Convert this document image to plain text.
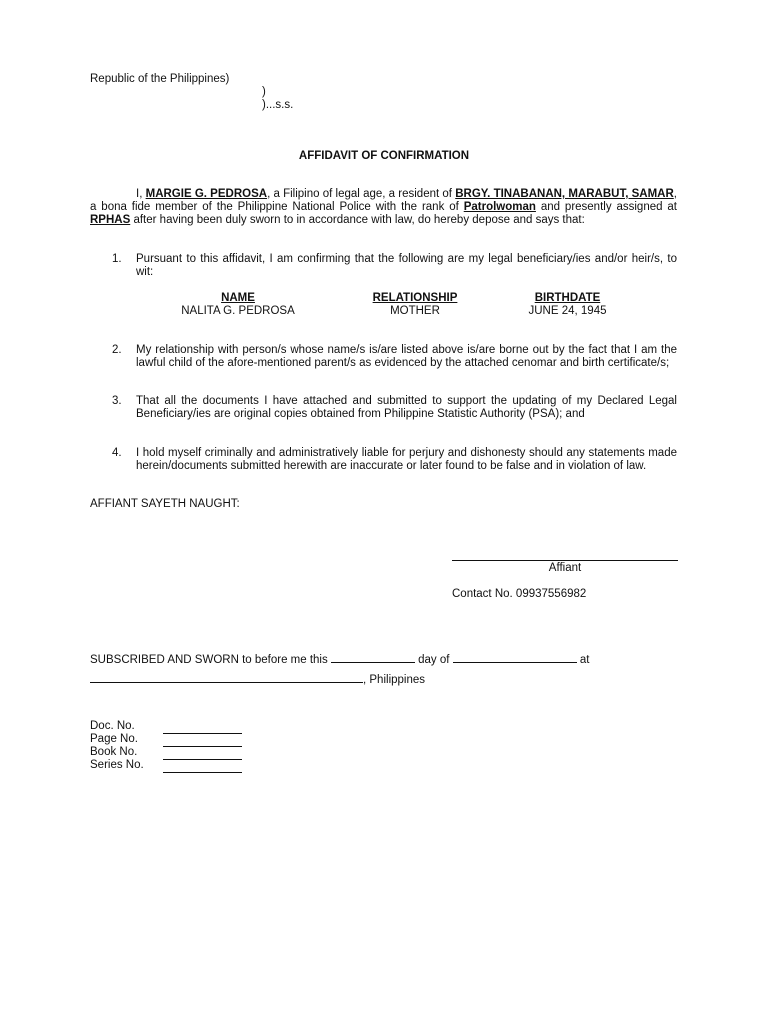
Republic of the Philippines)
)
)...s.s.
AFFIDAVIT OF CONFIRMATION
I, MARGIE G. PEDROSA, a Filipino of legal age, a resident of BRGY. TINABANAN, MARABUT, SAMAR, a bona fide member of the Philippine National Police with the rank of Patrolwoman and presently assigned at RPHAS after having been duly sworn to in accordance with law, do hereby depose and says that:
1. Pursuant to this affidavit, I am confirming that the following are my legal beneficiary/ies and/or heir/s, to wit:
NAME	RELATIONSHIP	BIRTHDATE
NALITA G. PEDROSA	MOTHER	JUNE 24, 1945
2. My relationship with person/s whose name/s is/are listed above is/are borne out by the fact that I am the lawful child of the afore-mentioned parent/s as evidenced by the attached cenomar and birth certificate/s;
3. That all the documents I have attached and submitted to support the updating of my Declared Legal Beneficiary/ies are original copies obtained from Philippine Statistic Authority (PSA); and
4. I hold myself criminally and administratively liable for perjury and dishonesty should any statements made herein/documents submitted herewith are inaccurate or later found to be false and in violation of law.
AFFIANT SAYETH NAUGHT:
Affiant
Contact No. 09937556982
SUBSCRIBED AND SWORN to before me this	day of	at
, Philippines
Doc. No.
Page No.
Book No.
Series No.
